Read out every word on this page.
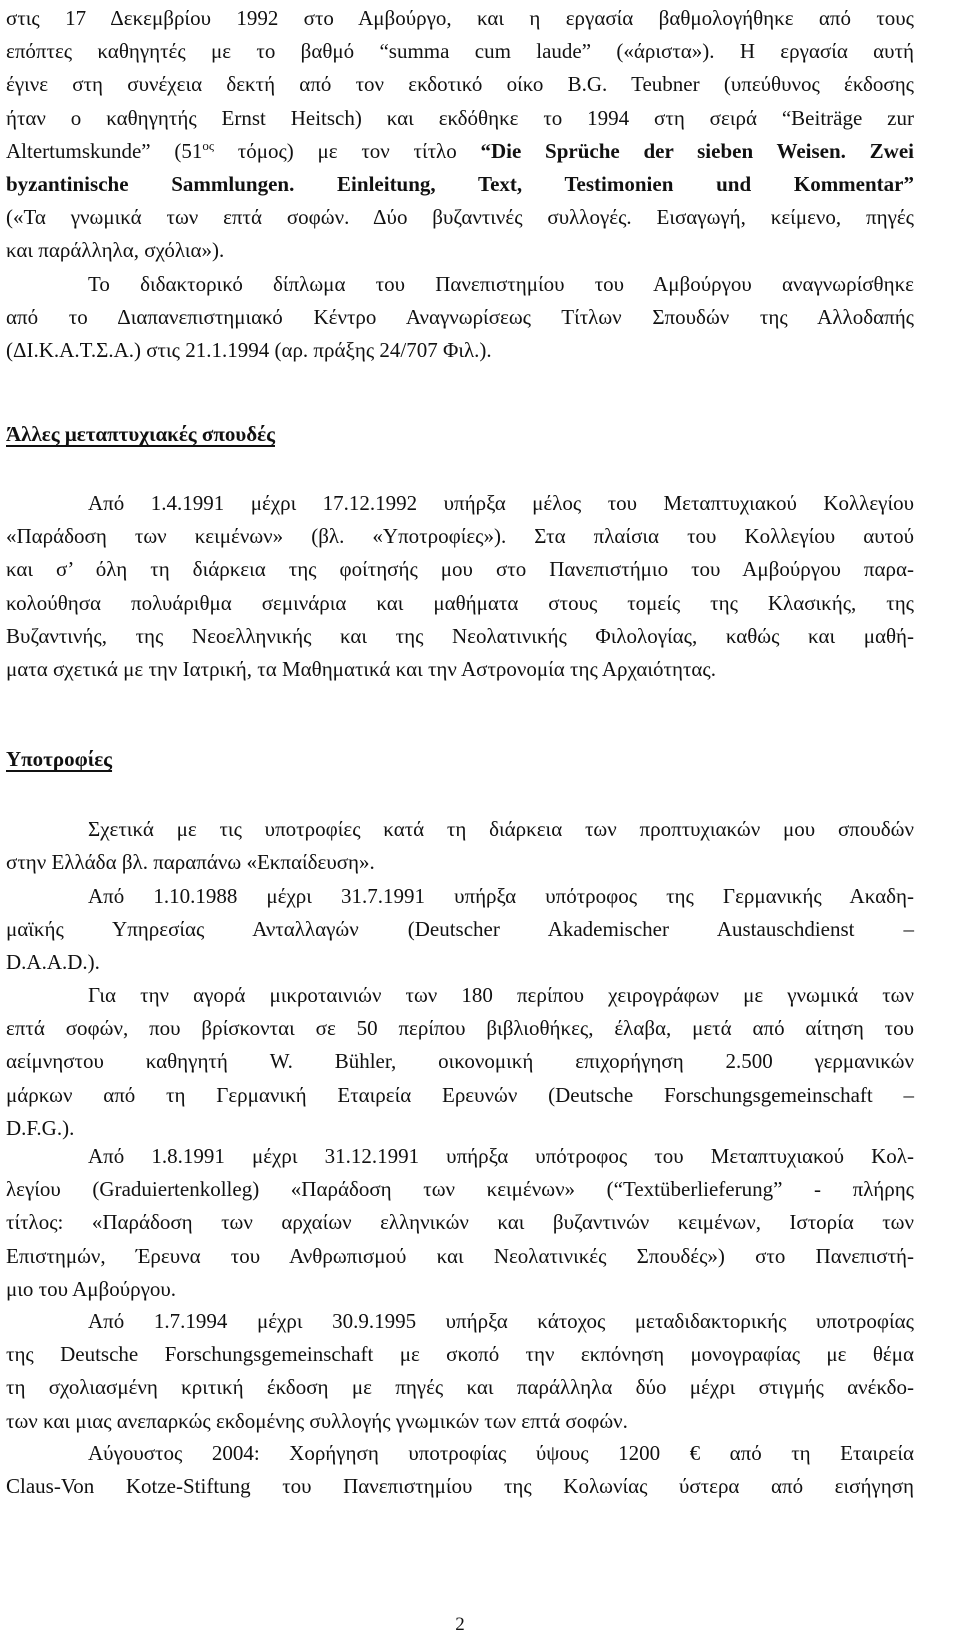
στις 17 Δεκεμβρίου 1992 στο Αμβούργο, και η εργασία βαθμολογήθηκε από τους
επόπτες καθηγητές με το βαθμό “summa cum laude” («άριστα»). Η εργασία αυτή
έγινε στη συνέχεια δεκτή από τον εκδοτικό οίκο B.G. Teubner (υπεύθυνος έκδοσης
ήταν ο καθηγητής Ernst Heitsch) και εκδόθηκε το 1994 στη σειρά “Beiträge zur
Altertumskunde” ($51^{o\varsigma}$ τόμος) με τον τίτλο “Die Sprüche der sieben Weisen. Zwei
byzantinische Sammlungen. Einleitung, Text, Testimonien und Kommentar”
(«Τα γνωμικά των επτά σοφών. Δύο βυζαντινές συλλογές. Εισαγωγή, κείμενο, πηγές
και παράλληλα, σχόλια»).
Το διδακτορικό δίπλωμα του Πανεπιστημίου του Αμβούργου αναγνωρίσθηκε
από το Διαπανεπιστημιακό Κέντρο Αναγνωρίσεως Τίτλων Σπουδών της Αλλοδαπής
(ΔΙ.Κ.Α.Τ.Σ.Α.) στις 21.1.1994 (αρ. πράξης 24/707 Φιλ.).
Άλλες μεταπτυχιακές σπουδές
Από 1.4.1991 μέχρι 17.12.1992 υπήρξα μέλος του Μεταπτυχιακού Κολλεγίου
«Παράδοση των κειμένων» (βλ. «Υποτροφίες»). Στα πλαίσια του Κολλεγίου αυτού
και σ’ όλη τη διάρκεια της φοίτησής μου στο Πανεπιστήμιο του Αμβούργου παρα-
κολούθησα πολυάριθμα σεμινάρια και μαθήματα στους τομείς της Κλασικής, της
Βυζαντινής, της Νεοελληνικής και της Νεολατινικής Φιλολογίας, καθώς και μαθή-
ματα σχετικά με την Ιατρική, τα Μαθηματικά και την Αστρονομία της Αρχαιότητας.
Υποτροφίες
Σχετικά με τις υποτροφίες κατά τη διάρκεια των προπτυχιακών μου σπουδών
στην Ελλάδα βλ. παραπάνω «Εκπαίδευση».
Από 1.10.1988 μέχρι 31.7.1991 υπήρξα υπότροφος της Γερμανικής Ακαδη-
μαϊκής Υπηρεσίας Ανταλλαγών (Deutscher Akademischer Austauschdienst –
D.A.A.D.).
Για την αγορά μικροταινιών των 180 περίπου χειρογράφων με γνωμικά των
επτά σοφών, που βρίσκονται σε 50 περίπου βιβλιοθήκες, έλαβα, μετά από αίτηση του
αείμνηστου καθηγητή W. Bühler, οικονομική επιχορήγηση 2.500 γερμανικών
μάρκων από τη Γερμανική Εταιρεία Ερευνών (Deutsche Forschungsgemeinschaft –
D.F.G.).
Από 1.8.1991 μέχρι 31.12.1991 υπήρξα υπότροφος του Μεταπτυχιακού Κολ-
λεγίου (Graduiertenkolleg) «Παράδοση των κειμένων» (“Textüberlieferung” - πλήρης
τίτλος: «Παράδοση των αρχαίων ελληνικών και βυζαντινών κειμένων, Ιστορία των
Επιστημών, Έρευνα του Ανθρωπισμού και Νεολατινικές Σπουδές») στο Πανεπιστή-
μιο του Αμβούργου.
Από 1.7.1994 μέχρι 30.9.1995 υπήρξα κάτοχος μεταδιδακτορικής υποτροφίας
της Deutsche Forschungsgemeinschaft με σκοπό την εκπόνηση μονογραφίας με θέμα
τη σχολιασμένη κριτική έκδοση με πηγές και παράλληλα δύο μέχρι στιγμής ανέκδο-
των και μιας ανεπαρκώς εκδομένης συλλογής γνωμικών των επτά σοφών.
Αύγουστος 2004: Χορήγηση υποτροφίας ύψους 1200 € από τη Εταιρεία
Claus-Von Kotze-Stiftung του Πανεπιστημίου της Κολωνίας ύστερα από εισήγηση
2
